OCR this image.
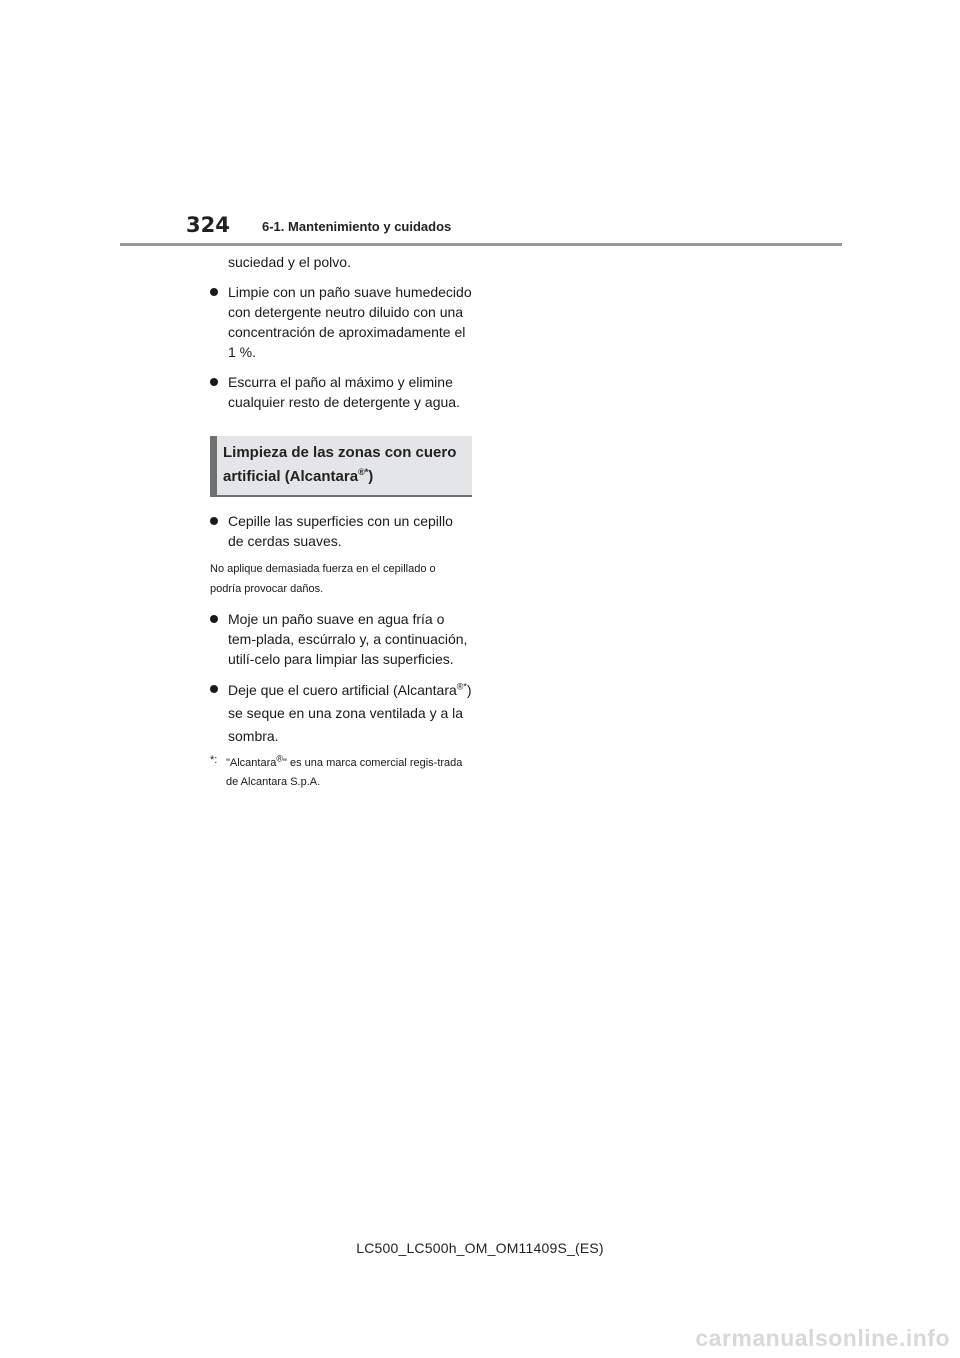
324 6-1. Mantenimiento y cuidados

suciedad y el polvo.

Limpie con un paño suave humedecido con detergente neutro diluido con una concentración de aproximadamente el 1 %.
Escurra el paño al máximo y elimine cualquier resto de detergente y agua.
Limpieza de las zonas con cuero artificial (Alcantara®*)
Cepille las superficies con un cepillo de cerdas suaves.

No aplique demasiada fuerza en el cepillado o podría provocar daños.

Moje un paño suave en agua fría o tem-plada, escúrralo y, a continuación, utilí-celo para limpiar las superficies.
Deje que el cuero artificial (Alcantara®*) se seque en una zona ventilada y a la sombra.
*: "Alcantara®" es una marca comercial regis-trada de Alcantara S.p.A.
LC500_LC500h_OM_OM11409S_(ES)
carmanualsonline.info
